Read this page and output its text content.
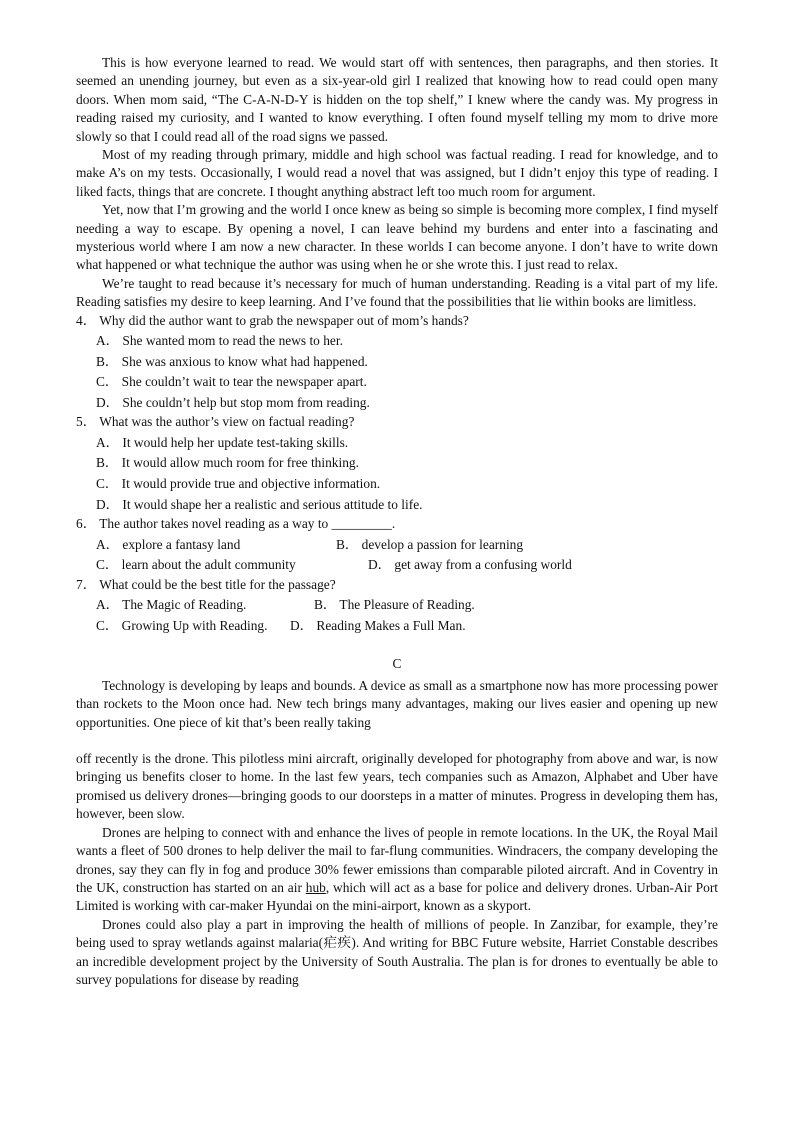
This is how everyone learned to read. We would start off with sentences, then paragraphs, and then stories. It seemed an unending journey, but even as a six-year-old girl I realized that knowing how to read could open many doors. When mom said, “The C-A-N-D-Y is hidden on the top shelf,” I knew where the candy was. My progress in reading raised my curiosity, and I wanted to know everything. I often found myself telling my mom to drive more slowly so that I could read all of the road signs we passed.

Most of my reading through primary, middle and high school was factual reading. I read for knowledge, and to make A’s on my tests. Occasionally, I would read a novel that was assigned, but I didn’t enjoy this type of reading. I liked facts, things that are concrete. I thought anything abstract left too much room for argument.

Yet, now that I’m growing and the world I once knew as being so simple is becoming more complex, I find myself needing a way to escape. By opening a novel, I can leave behind my burdens and enter into a fascinating and mysterious world where I am now a new character. In these worlds I can become anyone. I don’t have to write down what happened or what technique the author was using when he or she wrote this. I just read to relax.

We’re taught to read because it’s necessary for much of human understanding. Reading is a vital part of my life. Reading satisfies my desire to keep learning. And I’ve found that the possibilities that lie within books are limitless.

4． Why did the author want to grab the newspaper out of mom’s hands?
A． She wanted mom to read the news to her.
B． She was anxious to know what had happened.
C． She couldn’t wait to tear the newspaper apart.
D． She couldn’t help but stop mom from reading.
5． What was the author’s view on factual reading?
A． It would help her update test-taking skills.
B． It would allow much room for free thinking.
C． It would provide true and objective information.
D． It would shape her a realistic and serious attitude to life.
6． The author takes novel reading as a way to _________.
A． explore a fantasy land	B． develop a passion for learning
C． learn about the adult community	D． get away from a confusing world
7． What could be the best title for the passage?
A． The Magic of Reading.	B． The Pleasure of Reading.
C． Growing Up with Reading.	D． Reading Makes a Full Man.
C

Technology is developing by leaps and bounds. A device as small as a smartphone now has more processing power than rockets to the Moon once had. New tech brings many advantages, making our lives easier and opening up new opportunities. One piece of kit that’s been really taking

off recently is the drone. This pilotless mini aircraft, originally developed for photography from above and war, is now bringing us benefits closer to home. In the last few years, tech companies such as Amazon, Alphabet and Uber have promised us delivery drones—bringing goods to our doorsteps in a matter of minutes. Progress in developing them has, however, been slow.

Drones are helping to connect with and enhance the lives of people in remote locations. In the UK, the Royal Mail wants a fleet of 500 drones to help deliver the mail to far-flung communities. Windracers, the company developing the drones, say they can fly in fog and produce 30% fewer emissions than comparable piloted aircraft. And in Coventry in the UK, construction has started on an air hub, which will act as a base for police and delivery drones. Urban-Air Port Limited is working with car-maker Hyundai on the mini-airport, known as a skyport.

Drones could also play a part in improving the health of millions of people. In Zanzibar, for example, they’re being used to spray wetlands against malaria(疟疾). And writing for BBC Future website, Harriet Constable describes an incredible development project by the University of South Australia. The plan is for drones to eventually be able to survey populations for disease by reading
